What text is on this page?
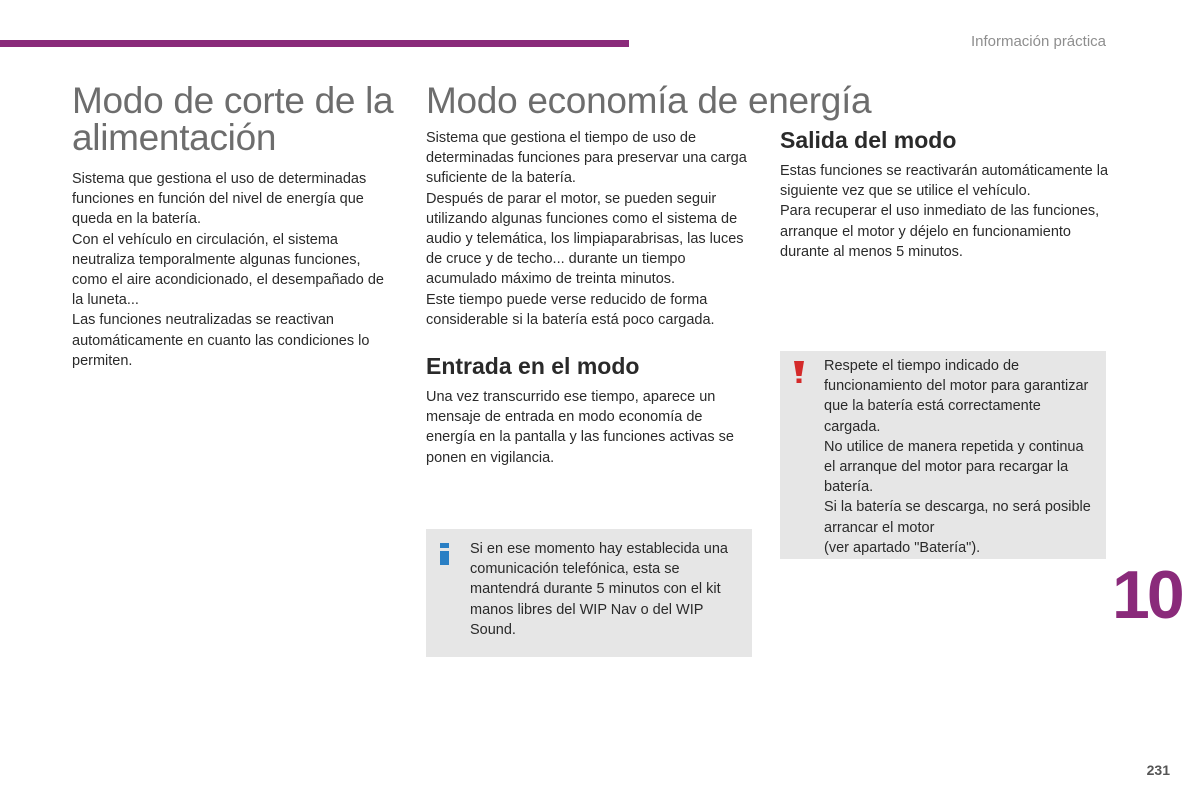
Información práctica
Modo de corte de la alimentación

Sistema que gestiona el uso de determinadas funciones en función del nivel de energía que queda en la batería.

Con el vehículo en circulación, el sistema neutraliza temporalmente algunas funciones, como el aire acondicionado, el desempañado de la luneta...

Las funciones neutralizadas se reactivan automáticamente en cuanto las condiciones lo permiten.

Modo economía de energía

Sistema que gestiona el tiempo de uso de determinadas funciones para preservar una carga suficiente de la batería.

Después de parar el motor, se pueden seguir utilizando algunas funciones como el sistema de audio y telemática, los limpiaparabrisas, las luces de cruce y de techo... durante un tiempo acumulado máximo de treinta minutos.

Este tiempo puede verse reducido de forma considerable si la batería está poco cargada.

Entrada en el modo

Una vez transcurrido ese tiempo, aparece un mensaje de entrada en modo economía de energía en la pantalla y las funciones activas se ponen en vigilancia.

Si en ese momento hay establecida una comunicación telefónica, esta se mantendrá durante 5 minutos con el kit manos libres del WIP Nav o del WIP Sound.
Salida del modo

Estas funciones se reactivarán automáticamente la siguiente vez que se utilice el vehículo.

Para recuperar el uso inmediato de las funciones, arranque el motor y déjelo en funcionamiento durante al menos 5 minutos.

Respete el tiempo indicado de funcionamiento del motor para garantizar que la batería está correctamente cargada.
No utilice de manera repetida y continua el arranque del motor para recargar la batería.
Si la batería se descarga, no será posible arrancar el motor
(ver apartado "Batería").
10
231
